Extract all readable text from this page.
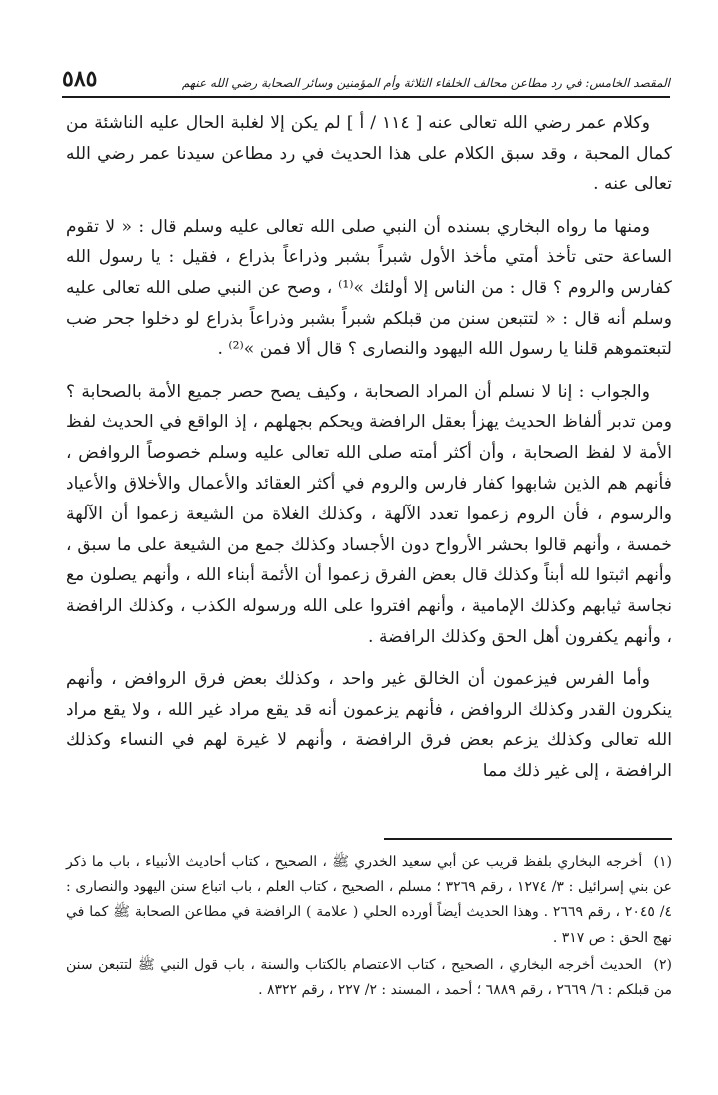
المقصد الخامس: في رد مطاعن محالف الخلفاء الثلاثة وأم المؤمنين وسائر الصحابة رضي الله عنهم
٥٨٥

وكلام عمر رضي الله تعالى عنه [ ١١٤ / أ ] لم يكن إلا لغلبة الحال عليه الناشئة من كمال المحبة ، وقد سبق الكلام على هذا الحديث في رد مطاعن سيدنا عمر رضي الله تعالى عنه .

ومنها ما رواه البخاري بسنده أن النبي صلى الله تعالى عليه وسلم قال : « لا تقوم الساعة حتى تأخذ أمتي مأخذ الأول شبراً بشبر وذراعاً بذراع ، فقيل : يا رسول الله كفارس والروم ؟ قال : من الناس إلا أولئك »⁽¹⁾ ، وصح عن النبي صلى الله تعالى عليه وسلم أنه قال : « لتتبعن سنن من قبلكم شبراً بشبر وذراعاً بذراع لو دخلوا جحر ضب لتبعتموهم قلنا يا رسول الله اليهود والنصارى ؟ قال ألا فمن »⁽²⁾ .

والجواب : إنا لا نسلم أن المراد الصحابة ، وكيف يصح حصر جميع الأمة بالصحابة ؟ ومن تدبر ألفاظ الحديث يهزأ بعقل الرافضة ويحكم بجهلهم ، إذ الواقع في الحديث لفظ الأمة لا لفظ الصحابة ، وأن أكثر أمته صلى الله تعالى عليه وسلم خصوصاً الروافض ، فأنهم هم الذين شابهوا كفار فارس والروم في أكثر العقائد والأعمال والأخلاق والأعياد والرسوم ، فأن الروم زعموا تعدد الآلهة ، وكذلك الغلاة من الشيعة زعموا أن الآلهة خمسة ، وأنهم قالوا بحشر الأرواح دون الأجساد وكذلك جمع من الشيعة على ما سبق ، وأنهم اثبتوا لله أبناً وكذلك قال بعض الفرق زعموا أن الأئمة أبناء الله ، وأنهم يصلون مع نجاسة ثيابهم وكذلك الإمامية ، وأنهم افتروا على الله ورسوله الكذب ، وكذلك الرافضة ، وأنهم يكفرون أهل الحق وكذلك الرافضة .

وأما الفرس فيزعمون أن الخالق غير واحد ، وكذلك بعض فرق الروافض ، وأنهم ينكرون القدر وكذلك الروافض ، فأنهم يزعمون أنه قد يقع مراد غير الله ، ولا يقع مراد الله تعالى وكذلك يزعم بعض فرق الرافضة ، وأنهم لا غيرة لهم في النساء وكذلك الرافضة ، إلى غير ذلك مما

(١) أخرجه البخاري بلفظ قريب عن أبي سعيد الخدري ﷺ ، الصحيح ، كتاب أحاديث الأنبياء ، باب ما ذكر عن بني إسرائيل : ٣/ ١٢٧٤ ، رقم ٣٢٦٩ ؛ مسلم ، الصحيح ، كتاب العلم ، باب اتباع سنن اليهود والنصارى : ٤/ ٢٠٤٥ ، رقم ٢٦٦٩ . وهذا الحديث أيضاً أورده الحلي ( علامة ) الرافضة في مطاعن الصحابة ﷺ كما في نهج الحق : ص ٣١٧ .
(٢) الحديث أخرجه البخاري ، الصحيح ، كتاب الاعتصام بالكتاب والسنة ، باب قول النبي ﷺ لتتبعن سنن من قبلكم : ٦/ ٢٦٦٩ ، رقم ٦٨٨٩ ؛ أحمد ، المسند : ٢/ ٢٢٧ ، رقم ٨٣٢٢ .
